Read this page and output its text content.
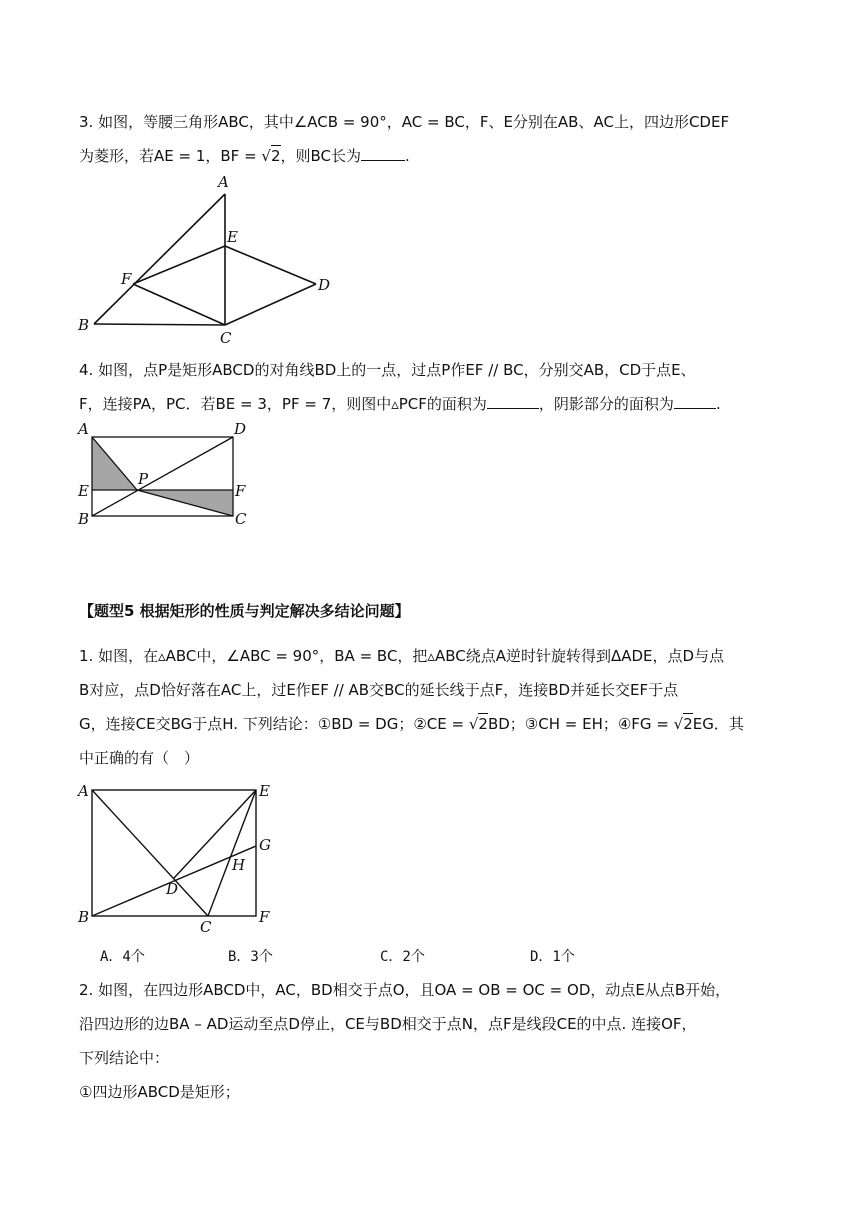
3. 如图，等腰三角形ABC，其中∠ACB = 90°，AC = BC，F、E分别在AB、AC上，四边形CDEF
为菱形，若AE = 1，BF = √2，则BC长为	.
A
E
F	D
B
C
4. 如图，点P是矩形ABCD的对角线BD上的一点，过点P作EF // BC，分别交AB，CD于点E、
F，连接PA，PC．若BE = 3，PF = 7，则图中▵PCF的面积为	，阴影部分的面积为	.
A	D
P
E	F
B	C
【题型5 根据矩形的性质与判定解决多结论问题】
1. 如图，在▵ABC中，∠ABC = 90°，BA = BC，把▵ABC绕点A逆时针旋转得到ΔADE，点D与点
B对应，点D恰好落在AC上，过E作EF // AB交BC的延长线于点F，连接BD并延长交EF于点
G，连接CE交BG于点H. 下列结论：①BD = DG；②CE = √2BD；③CH = EH；④FG = √2EG．其
中正确的有（　）
A	E
G
H
D
B
C
F
A．4个	B．3个	C．2个	D．1个
2. 如图，在四边形ABCD中，AC，BD相交于点O，且OA = OB = OC = OD，动点E从点B开始，
沿四边形的边BA – AD运动至点D停止，CE与BD相交于点N，点F是线段CE的中点. 连接OF，
下列结论中：
①四边形ABCD是矩形；
